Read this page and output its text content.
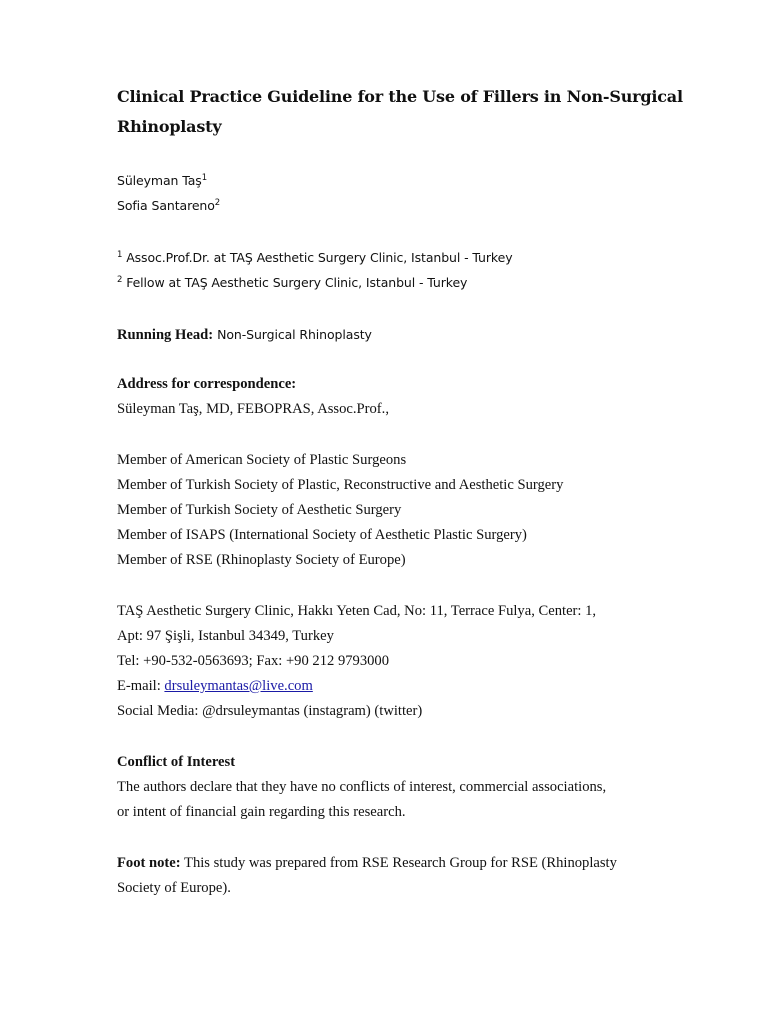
Clinical Practice Guideline for the Use of Fillers in Non-Surgical
Rhinoplasty
Süleyman Taş$^1$
Sofia Santareno$^2$
$^1$ Assoc.Prof.Dr. at TAŞ Aesthetic Surgery Clinic, Istanbul - Turkey
$^2$ Fellow at TAŞ Aesthetic Surgery Clinic, Istanbul - Turkey
Running Head: Non-Surgical Rhinoplasty
Address for correspondence:
Süleyman Taş, MD, FEBOPRAS, Assoc.Prof.,
Member of American Society of Plastic Surgeons
Member of Turkish Society of Plastic, Reconstructive and Aesthetic Surgery
Member of Turkish Society of Aesthetic Surgery
Member of ISAPS (International Society of Aesthetic Plastic Surgery)
Member of RSE (Rhinoplasty Society of Europe)
TAŞ Aesthetic Surgery Clinic, Hakkı Yeten Cad, No: 11, Terrace Fulya, Center: 1,
Apt: 97 Şişli, Istanbul 34349, Turkey
Tel: +90-532-0563693; Fax: +90 212 9793000
E-mail: drsuleymantas@live.com
Social Media: @drsuleymantas (instagram) (twitter)
Conflict of Interest
The authors declare that they have no conflicts of interest, commercial associations,
or intent of financial gain regarding this research.
Foot note: This study was prepared from RSE Research Group for RSE (Rhinoplasty
Society of Europe).
